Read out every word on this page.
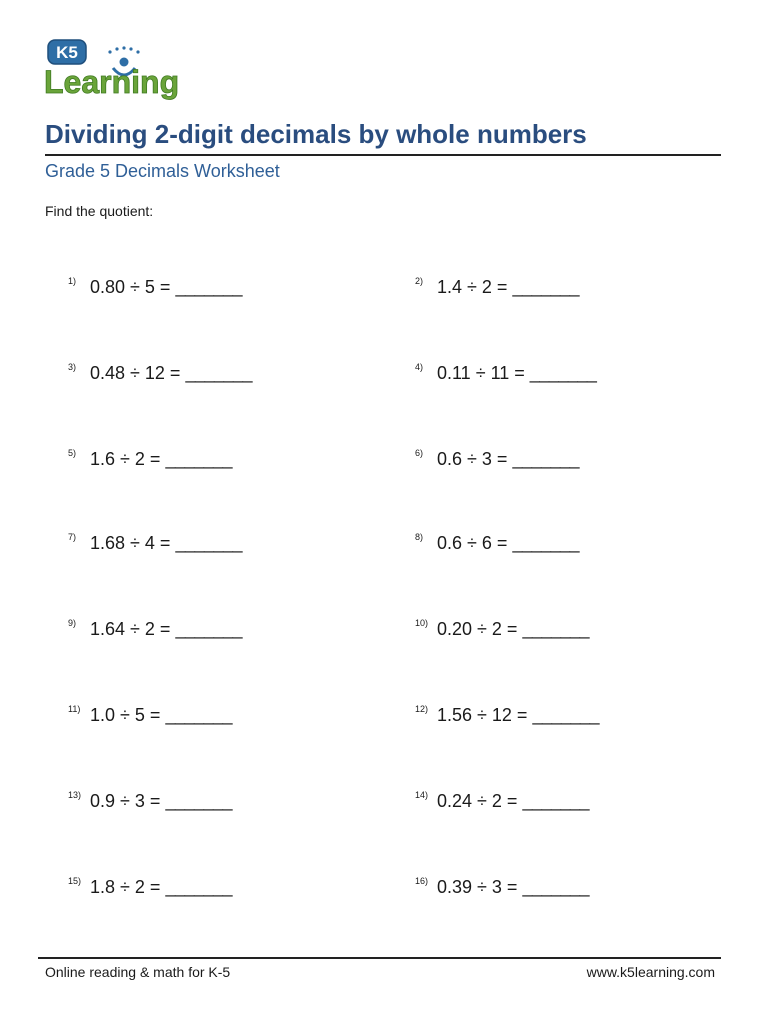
K5
Learning
Dividing 2-digit decimals by whole numbers
Grade 5 Decimals Worksheet
Find the quotient:
$^{1)}$ 0.80 ÷ 5 = _______	$^{2)}$ 1.4 ÷ 2 = _______
$^{3)}$ 0.48 ÷ 12 = _______	$^{4)}$ 0.11 ÷ 11 = _______
$^{5)}$ 1.6 ÷ 2 = _______	$^{6)}$ 0.6 ÷ 3 = _______
$^{7)}$ 1.68 ÷ 4 = _______	$^{8)}$ 0.6 ÷ 6 = _______
$^{9)}$ 1.64 ÷ 2 = _______	$^{10)}$ 0.20 ÷ 2 = _______
$^{11)}$ 1.0 ÷ 5 = _______	$^{12)}$ 1.56 ÷ 12 = _______
$^{13)}$ 0.9 ÷ 3 = _______	$^{14)}$ 0.24 ÷ 2 = _______
$^{15)}$ 1.8 ÷ 2 = _______	$^{16)}$ 0.39 ÷ 3 = _______
Online reading & math for K-5	www.k5learning.com
